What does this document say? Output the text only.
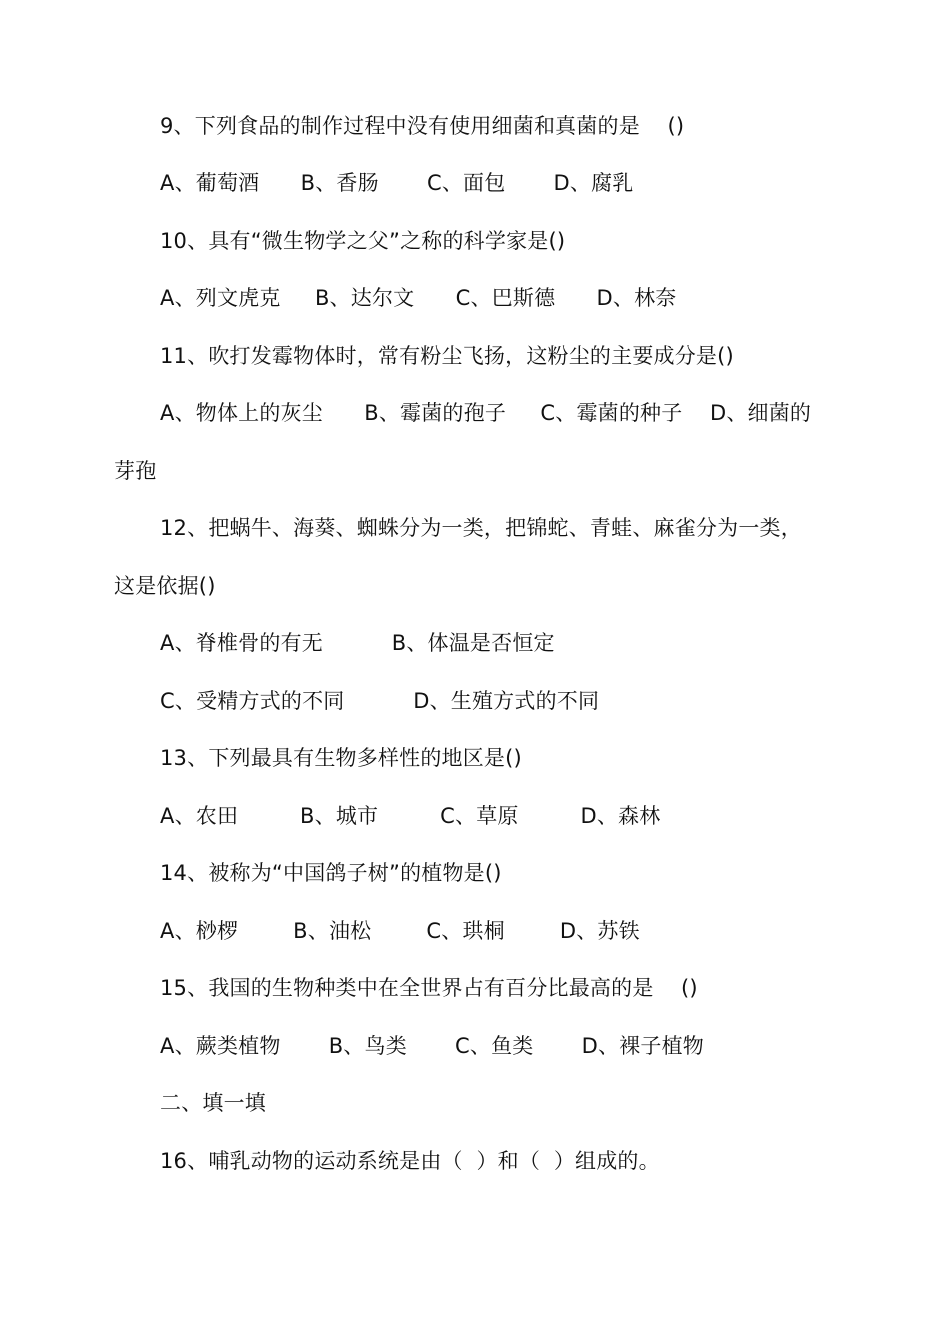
9、下列食品的制作过程中没有使用细菌和真菌的是    ()
A、葡萄酒      B、香肠       C、面包       D、腐乳
10、具有“微生物学之父”之称的科学家是()
A、列文虎克     B、达尔文      C、巴斯德      D、林奈
11、吹打发霉物体时，常有粉尘飞扬，这粉尘的主要成分是()
A、物体上的灰尘      B、霉菌的孢子     C、霉菌的种子    D、细菌的
芽孢
12、把蜗牛、海葵、蜘蛛分为一类，把锦蛇、青蛙、麻雀分为一类，
这是依据()
A、脊椎骨的有无          B、体温是否恒定
C、受精方式的不同          D、生殖方式的不同
13、下列最具有生物多样性的地区是()
A、农田         B、城市         C、草原         D、森林
14、被称为“中国鸽子树”的植物是()
A、桫椤        B、油松        C、珙桐        D、苏铁
15、我国的生物种类中在全世界占有百分比最高的是    ()
A、蕨类植物       B、鸟类       C、鱼类       D、裸子植物
二、填一填
16、哺乳动物的运动系统是由（  ）和（  ）组成的。
